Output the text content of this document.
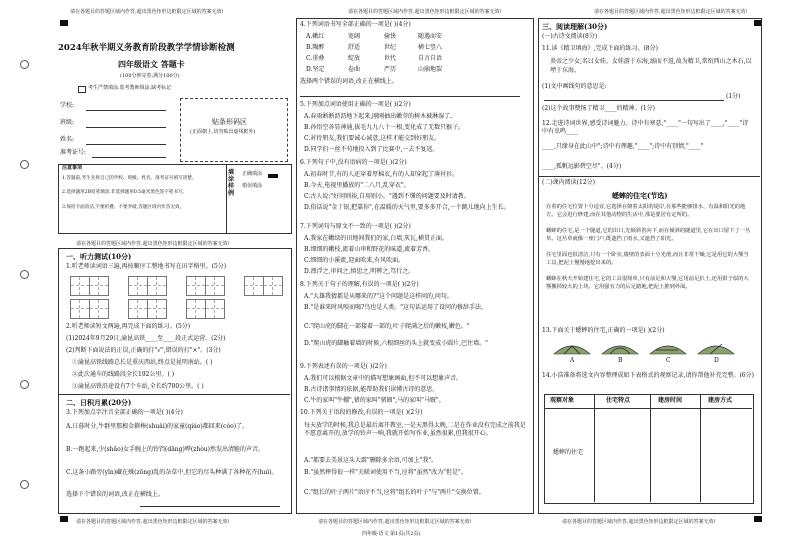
请在各题目的答题区域内作答,超出黑色矩形边框限定区域的答案无效!	请在各题目的答题区域内作答,超出黑色矩形边框限定区域的答案无效!	请在各题目的答题区域内作答,超出黑色矩形边框限定区域的答案无效!
2024年秋半期义务教育阶段教学学情诊断检测
四年级语文 答题卡
(100分钟完卷,满分100分)
考生严禁填涂,监考教师填涂,缺考标记
学校:
班级:
姓名:
准考证号:
贴条形码区
(正面朝上,切勿贴出虚线框外)
注意事项
1.答题前,考生先将自己的学校、班级、姓名、准考证号填写清楚。
2.选择题用2B铅笔填涂,非选择题用0.5毫米黑色签字笔书写。
3.保持卡面清洁,不要折叠、不要弄破,答题区域内作答无效。
填涂样例
正确填涂
错误填涂
请在各题目的答题区域内作答,超出黑色矩形边框限定区域的答案无效!
一、听力测试(10分)
1.听老师读词语三遍,再按顺序工整地书写在田字格里。(5分)
2.听老师读短文两遍,再完成下面的练习。(5分)
(1)2024年9月29日,渝昆高铁____至____段正式运营。(2分)
(2)判断下面说法的正误,正确的打"√",错误的打"×"。(3分)
①渝昆高铁线路总长是重庆西站,终点是昆明南站。( )
②此次通车的线路段全长192公里。( )
③渝昆高铁沿途设有7个车站,全长约700公里。( )
二、日积月累(20分)
3.下列加点字注音全部正确的一项是( )(4分)
A.日暮时分,牛群里那根金箍棒(shuài)的家童(qiáo)都回来(cóo)了。
B.一跑起来,少(shǎo)女手腕上的铃铛(dāng)哗(zhòu)然发出清脆的声音。
C.这条小路旁(yǐn)藏在蛛(zōng)乱的杂草中,但它的尽头种满了各种花卉(huì)。
选择下个错误的词语,改正在横线上。
请在各题目的答题区域内作答,超出黑色矩形边框限定区域的答案无效!
4.下列词语书写全部正确的一项是( )(4分)
A.嫩红	宽阔	偷快	随遇而安
B.陶醉	舒适	世纪	横七竖八
C.重叠	绽放	世代	自言自语
D.坚定	卷曲	严历	山崩地裂
选择两个错误的词语,改正在横线上。
5.下列加点词语使用正确的一项是( )(2分)
A.春雨淅淅沥沥地下起来,刚刚抽出嫩芽的树木被淋湿了。
B.孙悟空各显神通,拔毛九九八十一根,变化成了无数只猴子。
C.对待朋友,我们要诚心诚意,这样才能交到好朋友。
D.同学们一丝不苟地投入到了比赛中,一去不复返。
6.下列句子中,没有语病的一项是( )(2分)
A.初春时节,有的人还穿着厚棉衣,有的人却穿起了薄衬衫。
B.今天,电视里播放的"二八月,乱穿衣"。
C.古人说:"好问则裕,自用则小。"遇到不懂的问题要及时请教。
D.俗话说"金丁银,把靠你",在温暖的天气里,要多多开合,一个跳儿地向上生长。
7.下列词句与原文不一致的一项是( )(2分)
A.我家在嫩绿的田地间我们的家,白墙,灰瓦,横贯正面。
B.细细的嫩枝,流着山串和野花的味道,流着芳香。
C.细细的小溪流,迎面吹来,有风吹面。
D.漂浮之,审问之,慎思之,明辨之,笃行之。
8.下列关于句子的理解,有误的一项是( )(2分)
A."大雄我猜都是从哪来的?"这个问题是这样问的,问句。
B."是谁来时风嗅而喝?鸟也是人类。"这句话运用了设问的修辞手法。
C."爬山虎的脚在一部接着一部的,叶子爬满之后的嫩枝,嫩色。"
D."爬山虎的脚触着墙的时候,六根细丝的头上就变成小圆片,巴住墙。"
9.下列表述有误的一项是( )(2分)
A.我们可以根据文章中的描写想象画面,但不可以想象声音。
B.古诗诸事情的依据,能帮助我们读懂古诗的意思。
C.牛的家叫"牛棚",猪的家叫"猪圈",马的家叫"马厩"。
10.下列关于语段的修改,有误的一项是( )(2分)
每天放学的时候,我总是最后离开教室,一是天黑得太晚,二是在作业没有完成之前我是不愿意离开的,放学的铃声一响,我就开始写作业,虽然很累,但我很开心。
A."都要去美景这头大霹"删除多余语,可加上"我"。
B."虽然摔得很一样"关联词使用不当,应将"虽然"改为"但是"。
C."组长的叶子两片"语序不当,应将"组长的叶子"与"两片"交换位置。
请在各题目的答题区域内作答,超出黑色矩形边框限定区域的答案无效!
三、阅读理解(30分)
(一)古诗文阅读(8分)
11.读《精卫填海》,完成下面的练习。(8分)
炎帝之少女,名曰女娃。女娃游于东海,溺而不返,故为精卫,常衔西山之木石,以堙于东海。
(1)文中画线句的意思是:
(1分)
(2)这个故事赞扬了精卫____的精神。(1分)
12.走进诗词世界,感受诗词魅力。诗中有寒意,"____"一句写出了____,"____"诗中有虫鸣____
____,只缘身在此山中";诗中有理趣,"____";诗中有别情,"____"
____,孤帆远影碧空尽"。(4分)
(二)课内阅读(12分)
蟋蟀的住宅(节选)
在着的住宅位置十分适宜,它选择在朝着太阳的堤岸,在那些能够排水、有温和阳光的地方。它会进行修建,而在其他动物的生活中,那是要居有定所的。
蟋蟀的住宅,是一个隧道,它的出口,先倾斜着向下,而在倾斜的隧道里,它在出口留下了一丛草。这丛草就像一座门户,既遮挡了雨水,又遮挡了阳光。
住宅里面也很清洁,只有一个卧室,墙壁的表面十分光滑,而且非常干燥,它是用它的大颚当工具,把泥土慢慢地挖出来的。
蟋蟀在秋天开始建住宅,它的工具很简单,只有前足和大颚,它用前足扒土,还用钳子似的大颚搬掉较大的土块。它用强有力的后足踏地,把泥土推到外面。
13.下面关于蟋蟀的住宅,正确的一项是( )(2分)
A	B	C	D
14.小浩准备将选文内容整理成如下表格式的观察记录,请你帮他补充完整。(6分)
观察对象	住宅特点	建房时间	建房方式
蟋蟀的住宅
请在各题目的答题区域内作答,超出黑色矩形边框限定区域的答案无效!
四年级·语文 第1页(共2页)
